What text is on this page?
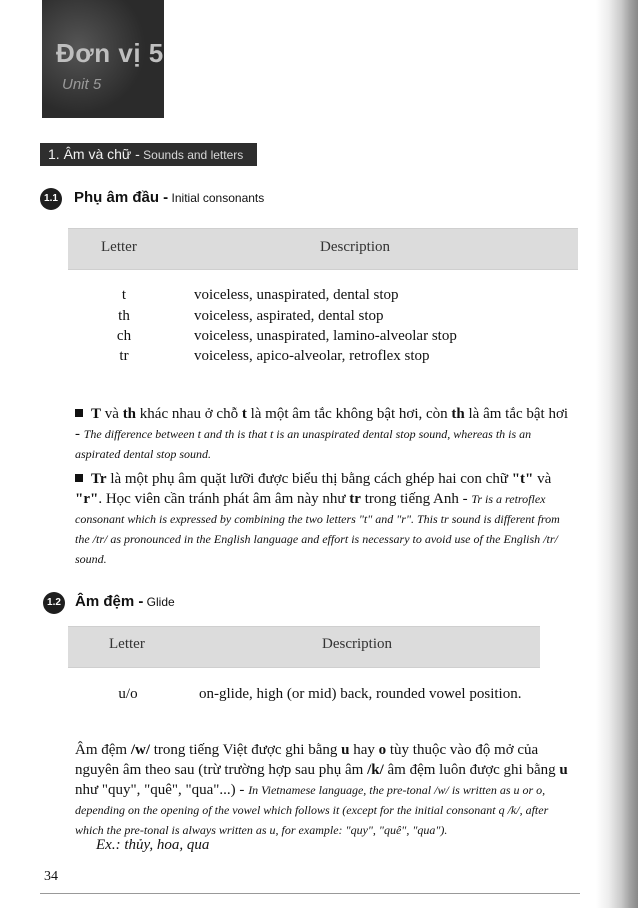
Đơn vị 5
Unit 5
1. Âm và chữ - Sounds and letters
1.1 Phụ âm đầu - Initial consonants
Letter	Description
t	voiceless, unaspirated, dental stop
th	voiceless, aspirated, dental stop
ch	voiceless, unaspirated, lamino-alveolar stop
tr	voiceless, apico-alveolar, retroflex stop
T và th khác nhau ở chỗ t là một âm tắc không bật hơi, còn th là âm tắc bật hơi - The difference between t and th is that t is an unaspirated dental stop sound, whereas th is an aspirated dental stop sound.
Tr là một phụ âm quặt lưỡi được biểu thị bằng cách ghép hai con chữ "t" và "r". Học viên cần tránh phát âm âm này như tr trong tiếng Anh - Tr is a retroflex consonant which is expressed by combining the two letters "t" and "r". This tr sound is different from the /tr/ as pronounced in the English language and effort is necessary to avoid use of the English /tr/ sound.
1.2 Âm đệm - Glide
Letter	Description
u/o	on-glide, high (or mid) back, rounded vowel position.
Âm đệm /w/ trong tiếng Việt được ghi bằng u hay o tùy thuộc vào độ mở của nguyên âm theo sau (trừ trường hợp sau phụ âm /k/ âm đệm luôn được ghi bằng u như "quy", "quê", "qua"...) - In Vietnamese language, the pre-tonal /w/ is written as u or o, depending on the opening of the vowel which follows it (except for the initial consonant q /k/, after which the pre-tonal is always written as u, for example: "quy", "quê", "qua").
Ex.: thủy, hoa, qua
34
